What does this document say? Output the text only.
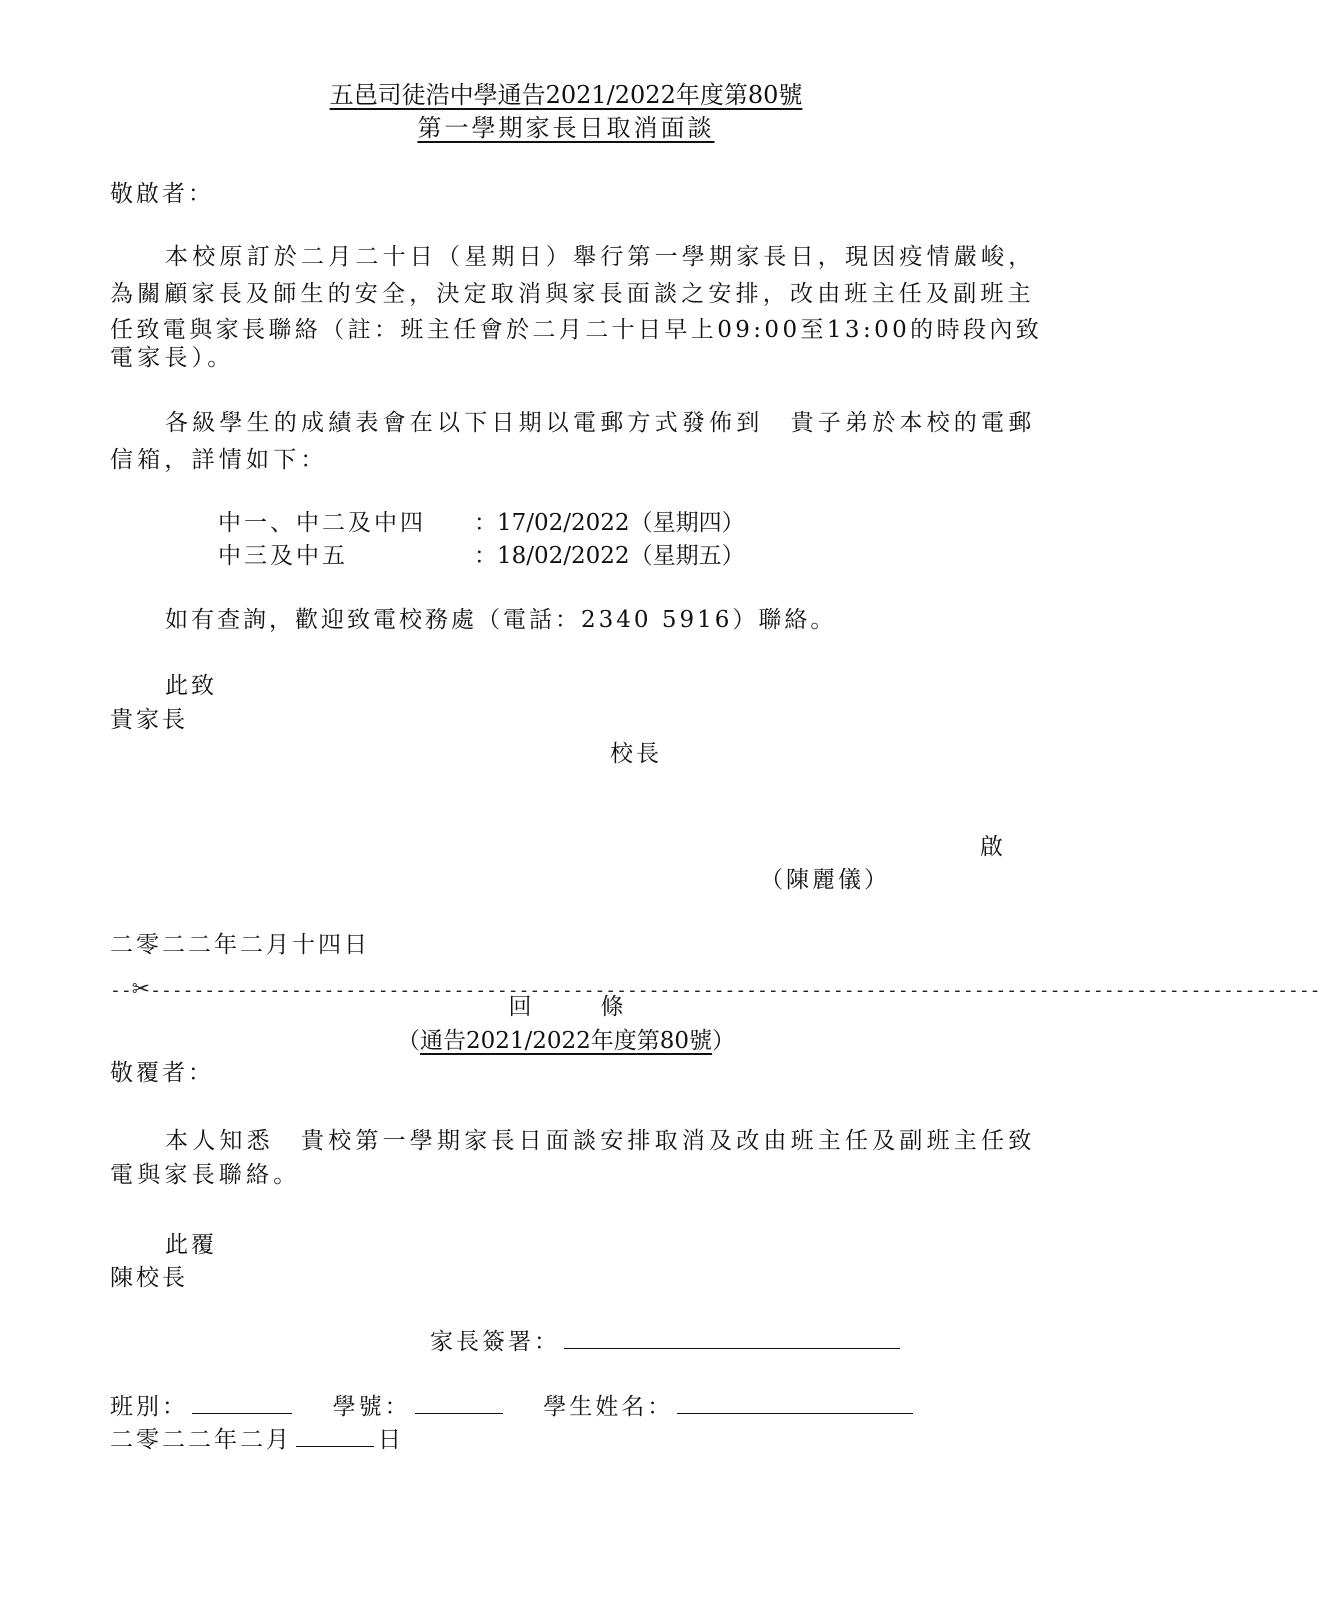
五邑司徒浩中學通告2021/2022年度第80號
第一學期家長日取消面談
敬啟者：
本校原訂於二月二十日（星期日）舉行第一學期家長日，現因疫情嚴峻，
為關顧家長及師生的安全，決定取消與家長面談之安排，改由班主任及副班主
任致電與家長聯絡（註：班主任會於二月二十日早上09:00至13:00的時段內致
電家長）。
各級學生的成績表會在以下日期以電郵方式發佈到　貴子弟於本校的電郵
信箱，詳情如下：
中一、中二及中四 ：17/02/2022（星期四）
中三及中五	：18/02/2022（星期五）
如有查詢，歡迎致電校務處（電話：2340 5916）聯絡。
此致
貴家長
校長
啟
（陳麗儀）
二零二二年二月十四日
--✂------------------------------------------------------------------------------------------------------------
回　　　條
（通告2021/2022年度第80號）
敬覆者：
本人知悉　貴校第一學期家長日面談安排取消及改由班主任及副班主任致
電與家長聯絡。
此覆
陳校長
家長簽署：
班別：	學號：	學生姓名：
二零二二年二月	日
